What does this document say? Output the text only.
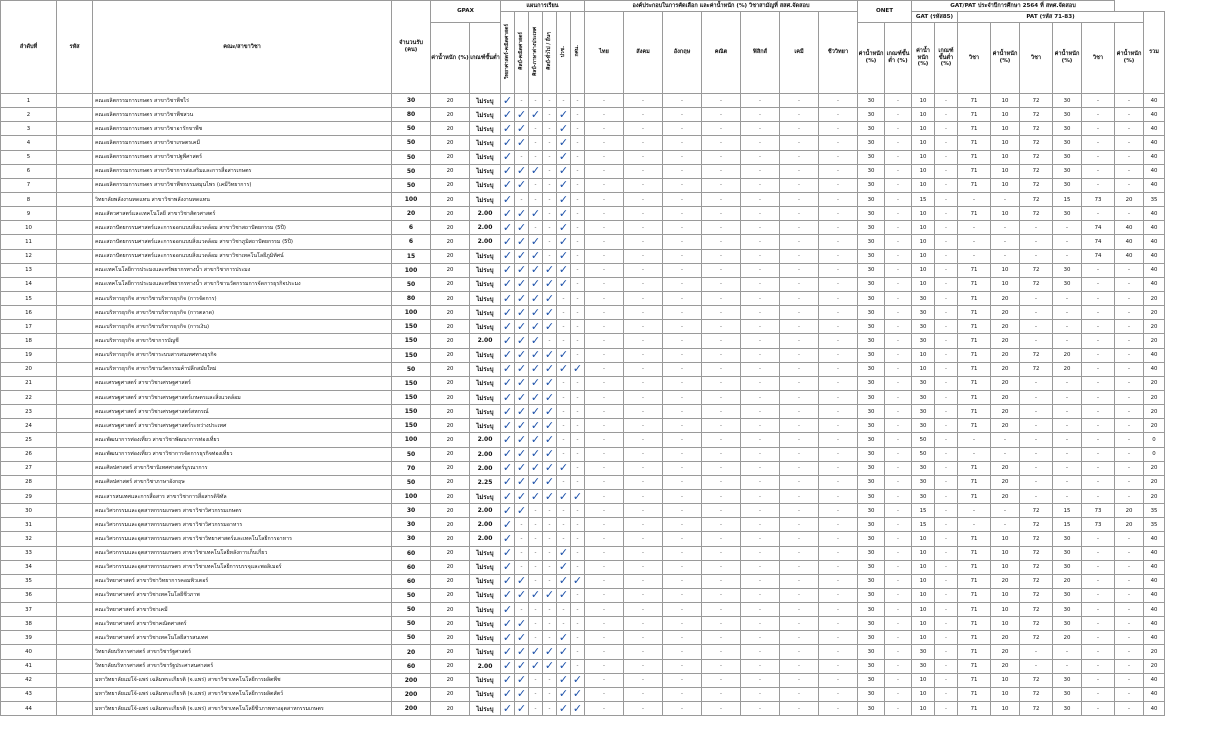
ลำดับที่	รหัส	คณะ/สาขาวิชา	จำนวนรับ (คน)	GPAX		แผนการเรียน						องค์ประกอบในการคัดเลือก และค่าน้ำหนัก (%) วิชาสามัญที่ สสศ.จัดสอบ							ONET		GAT/PAT ประจำปีการศึกษา 2564 ที่ สทศ.จัดสอบ								
						วิทยาศาสตร์-คณิตศาสตร์	ศิลป์-คณิตศาสตร์	ศิลป์-ภาษาต่างประเทศ	ศิลป์-ทั่วไป / อื่นๆ	ปวช.	กศน.	ไทย	สังคม	อังกฤษ	คณิต	ฟิสิกส์	เคมี	ชีววิทยา			GAT (รหัส85)		PAT (รหัส 71-83)						รวม
				ค่าน้ำหนัก (%)	เกณฑ์ขั้นต่ำ														ค่าน้ำหนัก (%)	เกณฑ์ขั้นต่ำ (%)	ค่าน้ำหนัก (%)	เกณฑ์ขั้นต่ำ (%)	วิชา	ค่าน้ำหนัก (%)	วิชา	ค่าน้ำหนัก (%)	วิชา	ค่าน้ำหนัก (%)	
1		คณะผลิตกรรมการเกษตร สาขาวิชาพืชไร่	30	20	ไม่ระบุ	✓	-	-	-	-	-	-	-	-	-	-	-	-	30	-	10	-	71	10	72	30	-	-	40
2		คณะผลิตกรรมการเกษตร สาขาวิชาพืชสวน	80	20	ไม่ระบุ	✓	✓	✓	-	✓	-	-	-	-	-	-	-	-	30	-	10	-	71	10	72	30	-	-	40
3		คณะผลิตกรรมการเกษตร สาขาวิชาอารักขาพืช	50	20	ไม่ระบุ	✓	✓	-	-	✓	-	-	-	-	-	-	-	-	30	-	10	-	71	10	72	30	-	-	40
4		คณะผลิตกรรมการเกษตร สาขาวิชาเกษตรเคมี	50	20	ไม่ระบุ	✓	✓	-	-	✓	-	-	-	-	-	-	-	-	30	-	10	-	71	10	72	30	-	-	40
5		คณะผลิตกรรมการเกษตร สาขาวิชาปฐพีศาสตร์	50	20	ไม่ระบุ	✓	-	-	-	✓	-	-	-	-	-	-	-	-	30	-	10	-	71	10	72	30	-	-	40
6		คณะผลิตกรรมการเกษตร สาขาวิชาการส่งเสริมและการสื่อสารเกษตร	50	20	ไม่ระบุ	✓	✓	✓	-	✓	-	-	-	-	-	-	-	-	30	-	10	-	71	10	72	30	-	-	40
7		คณะผลิตกรรมการเกษตร สาขาวิชาพืชกรรมสมุนไพร (เคมีวิทยาการ)	50	20	ไม่ระบุ	✓	✓	-	-	✓	-	-	-	-	-	-	-	-	30	-	10	-	71	10	72	30	-	-	40
8		วิทยาลัยพลังงานทดแทน สาขาวิชาพลังงานทดแทน	100	20	ไม่ระบุ	✓	-	-	-	✓	-	-	-	-	-	-	-	-	30	-	15	-	-	-	72	15	73	20	35
9		คณะสัตวศาสตร์และเทคโนโลยี สาขาวิชาสัตวศาสตร์	20	20	2.00	✓	✓	✓	-	✓	-	-	-	-	-	-	-	-	30	-	10	-	71	10	72	30	-	-	40
10		คณะสถาปัตยกรรมศาสตร์และการออกแบบสิ่งแวดล้อม สาขาวิชาสถาปัตยกรรม (5ปี)	6	20	2.00	✓	✓	-	-	✓	-	-	-	-	-	-	-	-	30	-	10	-	-	-	-	-	74	40	40
11		คณะสถาปัตยกรรมศาสตร์และการออกแบบสิ่งแวดล้อม สาขาวิชาภูมิสถาปัตยกรรม (5ปี)	6	20	2.00	✓	✓	✓	-	✓	-	-	-	-	-	-	-	-	30	-	10	-	-	-	-	-	74	40	40
12		คณะสถาปัตยกรรมศาสตร์และการออกแบบสิ่งแวดล้อม สาขาวิชาเทคโนโลยีภูมิทัศน์	15	20	ไม่ระบุ	✓	✓	✓	-	✓	-	-	-	-	-	-	-	-	30	-	10	-	-	-	-	-	74	40	40
13		คณะเทคโนโลยีการประมงและทรัพยากรทางน้ำ สาขาวิชาการประมง	100	20	ไม่ระบุ	✓	✓	✓	✓	✓	-	-	-	-	-	-	-	-	30	-	10	-	71	10	72	30	-	-	40
14		คณะเทคโนโลยีการประมงและทรัพยากรทางน้ำ สาขาวิชานวัตกรรมการจัดการธุรกิจประมง	50	20	ไม่ระบุ	✓	✓	✓	✓	✓	-	-	-	-	-	-	-	-	30	-	10	-	71	10	72	30	-	-	40
15		คณะบริหารธุรกิจ สาขาวิชาบริหารธุรกิจ (การจัดการ)	80	20	ไม่ระบุ	✓	✓	✓	✓	-	-	-	-	-	-	-	-	-	30	-	30	-	71	20	-	-	-	-	20
16		คณะบริหารธุรกิจ สาขาวิชาบริหารธุรกิจ (การตลาด)	100	20	ไม่ระบุ	✓	✓	✓	✓	-	-	-	-	-	-	-	-	-	30	-	30	-	71	20	-	-	-	-	20
17		คณะบริหารธุรกิจ สาขาวิชาบริหารธุรกิจ (การเงิน)	150	20	ไม่ระบุ	✓	✓	✓	✓	-	-	-	-	-	-	-	-	-	30	-	30	-	71	20	-	-	-	-	20
18		คณะบริหารธุรกิจ สาขาวิชาการบัญชี	150	20	2.00	✓	✓	✓	-	-	-	-	-	-	-	-	-	-	30	-	30	-	71	20	-	-	-	-	20
19		คณะบริหารธุรกิจ สาขาวิชาระบบสารสนเทศทางธุรกิจ	150	20	ไม่ระบุ	✓	✓	✓	✓	✓	-	-	-	-	-	-	-	-	30	-	10	-	71	20	72	20	-	-	40
20		คณะบริหารธุรกิจ สาขาวิชานวัตกรรมค้าปลีกสมัยใหม่	50	20	ไม่ระบุ	✓	✓	✓	✓	✓	✓	-	-	-	-	-	-	-	30	-	10	-	71	20	72	20	-	-	40
21		คณะเศรษฐศาสตร์ สาขาวิชาเศรษฐศาสตร์	150	20	ไม่ระบุ	✓	✓	✓	✓	-	-	-	-	-	-	-	-	-	30	-	30	-	71	20	-	-	-	-	20
22		คณะเศรษฐศาสตร์ สาขาวิชาเศรษฐศาสตร์เกษตรและสิ่งแวดล้อม	150	20	ไม่ระบุ	✓	✓	✓	✓	-	-	-	-	-	-	-	-	-	30	-	30	-	71	20	-	-	-	-	20
23		คณะเศรษฐศาสตร์ สาขาวิชาเศรษฐศาสตร์สหกรณ์	150	20	ไม่ระบุ	✓	✓	✓	✓	-	-	-	-	-	-	-	-	-	30	-	30	-	71	20	-	-	-	-	20
24		คณะเศรษฐศาสตร์ สาขาวิชาเศรษฐศาสตร์ระหว่างประเทศ	150	20	ไม่ระบุ	✓	✓	✓	✓	-	-	-	-	-	-	-	-	-	30	-	30	-	71	20	-	-	-	-	20
25		คณะพัฒนาการท่องเที่ยว สาขาวิชาพัฒนาการท่องเที่ยว	100	20	2.00	✓	✓	✓	✓	-	-	-	-	-	-	-	-	-	30	-	50	-	-	-	-	-	-	-	0
26		คณะพัฒนาการท่องเที่ยว สาขาวิชาการจัดการธุรกิจท่องเที่ยว	50	20	2.00	✓	✓	✓	✓	-	-	-	-	-	-	-	-	-	30	-	50	-	-	-	-	-	-	-	0
27		คณะศิลปศาสตร์ สาขาวิชานิเทศศาสตร์บูรณาการ	70	20	2.00	✓	✓	✓	✓	✓	-	-	-	-	-	-	-	-	30	-	30	-	71	20	-	-	-	-	20
28		คณะศิลปศาสตร์ สาขาวิชาภาษาอังกฤษ	50	20	2.25	✓	✓	✓	✓	-	-	-	-	-	-	-	-	-	30	-	30	-	71	20	-	-	-	-	20
29		คณะสารสนเทศและการสื่อสาร สาขาวิชาการสื่อสารดิจิทัล	100	20	ไม่ระบุ	✓	✓	✓	✓	✓	✓	-	-	-	-	-	-	-	30	-	30	-	71	20	-	-	-	-	20
30		คณะวิศวกรรมและอุตสาหกรรมเกษตร สาขาวิชาวิศวกรรมเกษตร	30	20	2.00	✓	✓	-	-	-	-	-	-	-	-	-	-	-	30	-	15	-	-	-	72	15	73	20	35
31		คณะวิศวกรรมและอุตสาหกรรมเกษตร สาขาวิชาวิศวกรรมอาหาร	30	20	2.00	✓	-	-	-	-	-	-	-	-	-	-	-	-	30	-	15	-	-	-	72	15	73	20	35
32		คณะวิศวกรรมและอุตสาหกรรมเกษตร สาขาวิชาวิทยาศาสตร์และเทคโนโลยีการอาหาร	30	20	2.00	✓	-	-	-	-	-	-	-	-	-	-	-	-	30	-	10	-	71	10	72	30	-	-	40
33		คณะวิศวกรรมและอุตสาหกรรมเกษตร สาขาวิชาเทคโนโลยีหลังการเก็บเกี่ยว	60	20	ไม่ระบุ	✓	-	-	-	✓	-	-	-	-	-	-	-	-	30	-	10	-	71	10	72	30	-	-	40
34		คณะวิศวกรรมและอุตสาหกรรมเกษตร สาขาวิชาเทคโนโลยีการบรรจุและพอลิเมอร์	60	20	ไม่ระบุ	✓	-	-	-	✓	-	-	-	-	-	-	-	-	30	-	10	-	71	10	72	30	-	-	40
35		คณะวิทยาศาสตร์ สาขาวิชาวิทยาการคอมพิวเตอร์	60	20	ไม่ระบุ	✓	✓	-	-	✓	✓	-	-	-	-	-	-	-	30	-	10	-	71	20	72	20	-	-	40
36		คณะวิทยาศาสตร์ สาขาวิชาเทคโนโลยีชีวภาพ	50	20	ไม่ระบุ	✓	✓	✓	✓	✓	-	-	-	-	-	-	-	-	30	-	10	-	71	10	72	30	-	-	40
37		คณะวิทยาศาสตร์ สาขาวิชาเคมี	50	20	ไม่ระบุ	✓	-	-	-	-	-	-	-	-	-	-	-	-	30	-	10	-	71	10	72	30	-	-	40
38		คณะวิทยาศาสตร์ สาขาวิชาคณิตศาสตร์	50	20	ไม่ระบุ	✓	✓	-	-	-	-	-	-	-	-	-	-	-	30	-	10	-	71	10	72	30	-	-	40
39		คณะวิทยาศาสตร์ สาขาวิชาเทคโนโลยีสารสนเทศ	50	20	ไม่ระบุ	✓	✓	-	-	✓	-	-	-	-	-	-	-	-	30	-	10	-	71	20	72	20	-	-	40
40		วิทยาลัยบริหารศาสตร์ สาขาวิชารัฐศาสตร์	20	20	ไม่ระบุ	✓	✓	✓	✓	✓	-	-	-	-	-	-	-	-	30	-	30	-	71	20	-	-	-	-	20
41		วิทยาลัยบริหารศาสตร์ สาขาวิชารัฐประศาสนศาสตร์	60	20	2.00	✓	✓	✓	✓	✓	-	-	-	-	-	-	-	-	30	-	30	-	71	20	-	-	-	-	20
42		มหาวิทยาลัยแม่โจ้-แพร่ เฉลิมพระเกียรติ (จ.แพร่) สาขาวิชาเทคโนโลยีการผลิตพืช	200	20	ไม่ระบุ	✓	✓	-	-	✓	✓	-	-	-	-	-	-	-	30	-	10	-	71	10	72	30	-	-	40
43		มหาวิทยาลัยแม่โจ้-แพร่ เฉลิมพระเกียรติ (จ.แพร่) สาขาวิชาเทคโนโลยีการผลิตสัตว์	200	20	ไม่ระบุ	✓	✓	-	-	✓	✓	-	-	-	-	-	-	-	30	-	10	-	71	10	72	30	-	-	40
44		มหาวิทยาลัยแม่โจ้-แพร่ เฉลิมพระเกียรติ (จ.แพร่) สาขาวิชาเทคโนโลยีชีวภาพทางอุตสาหกรรมเกษตร	200	20	ไม่ระบุ	✓	✓	-	-	✓	✓	-	-	-	-	-	-	-	30	-	10	-	71	10	72	30	-	-	40
